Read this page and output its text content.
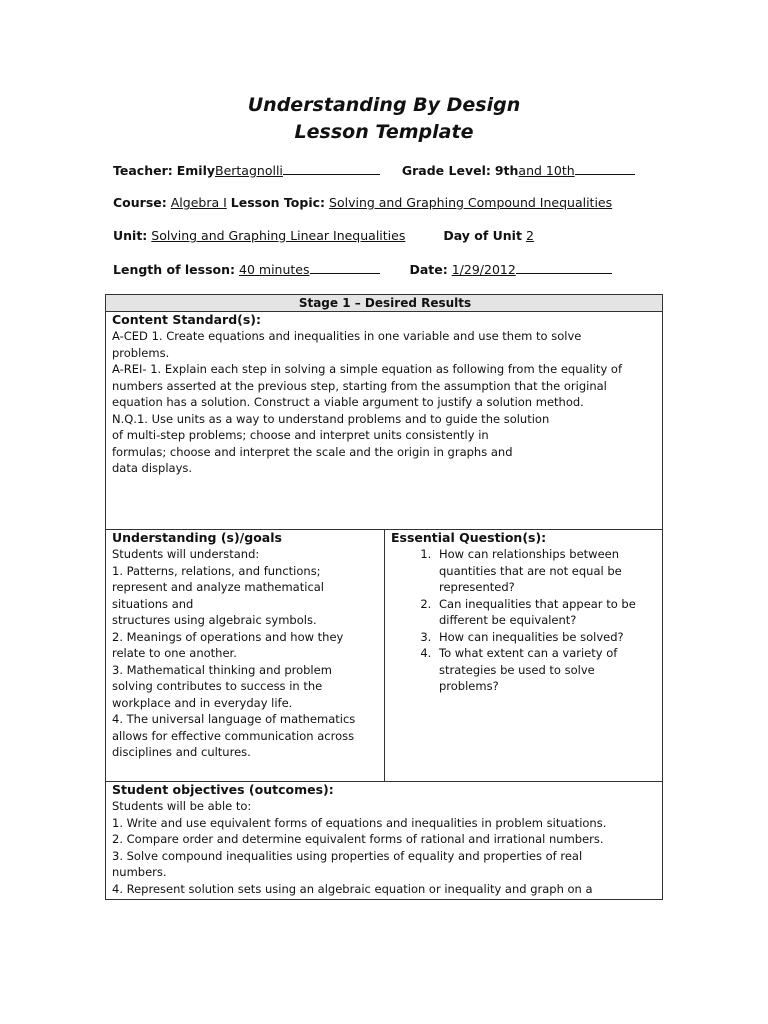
Understanding By Design
Lesson Template
Teacher: EmilyBertagnolli	Grade Level: 9thand 10th
Course: Algebra I Lesson Topic: Solving and Graphing Compound Inequalities
Unit: Solving and Graphing Linear Inequalities	Day of Unit 2
Length of lesson: 40 minutes	Date: 1/29/2012
Stage 1 – Desired Results

Content Standard(s):

A-CED 1. Create equations and inequalities in one variable and use them to solve

problems.

A-REI- 1. Explain each step in solving a simple equation as following from the equality of

numbers asserted at the previous step, starting from the assumption that the original

equation has a solution. Construct a viable argument to justify a solution method.

N.Q.1. Use units as a way to understand problems and to guide the solution

of multi-step problems; choose and interpret units consistently in

formulas; choose and interpret the scale and the origin in graphs and

data displays.

Understanding (s)/goals

Students will understand:

1. Patterns, relations, and functions;

represent and analyze mathematical

situations and

structures using algebraic symbols.

2. Meanings of operations and how they

relate to one another.

3. Mathematical thinking and problem

solving contributes to success in the

workplace and in everyday life.

4. The universal language of mathematics

allows for effective communication across

disciplines and cultures.

Essential Question(s):
1. How can relationships between
quantities that are not equal be
represented?
2. Can inequalities that appear to be
different be equivalent?
3. How can inequalities be solved?
4. To what extent can a variety of
strategies be used to solve
problems?

Student objectives (outcomes):

Students will be able to:

1. Write and use equivalent forms of equations and inequalities in problem situations.

2. Compare order and determine equivalent forms of rational and irrational numbers.

3. Solve compound inequalities using properties of equality and properties of real

numbers.

4. Represent solution sets using an algebraic equation or inequality and graph on a
